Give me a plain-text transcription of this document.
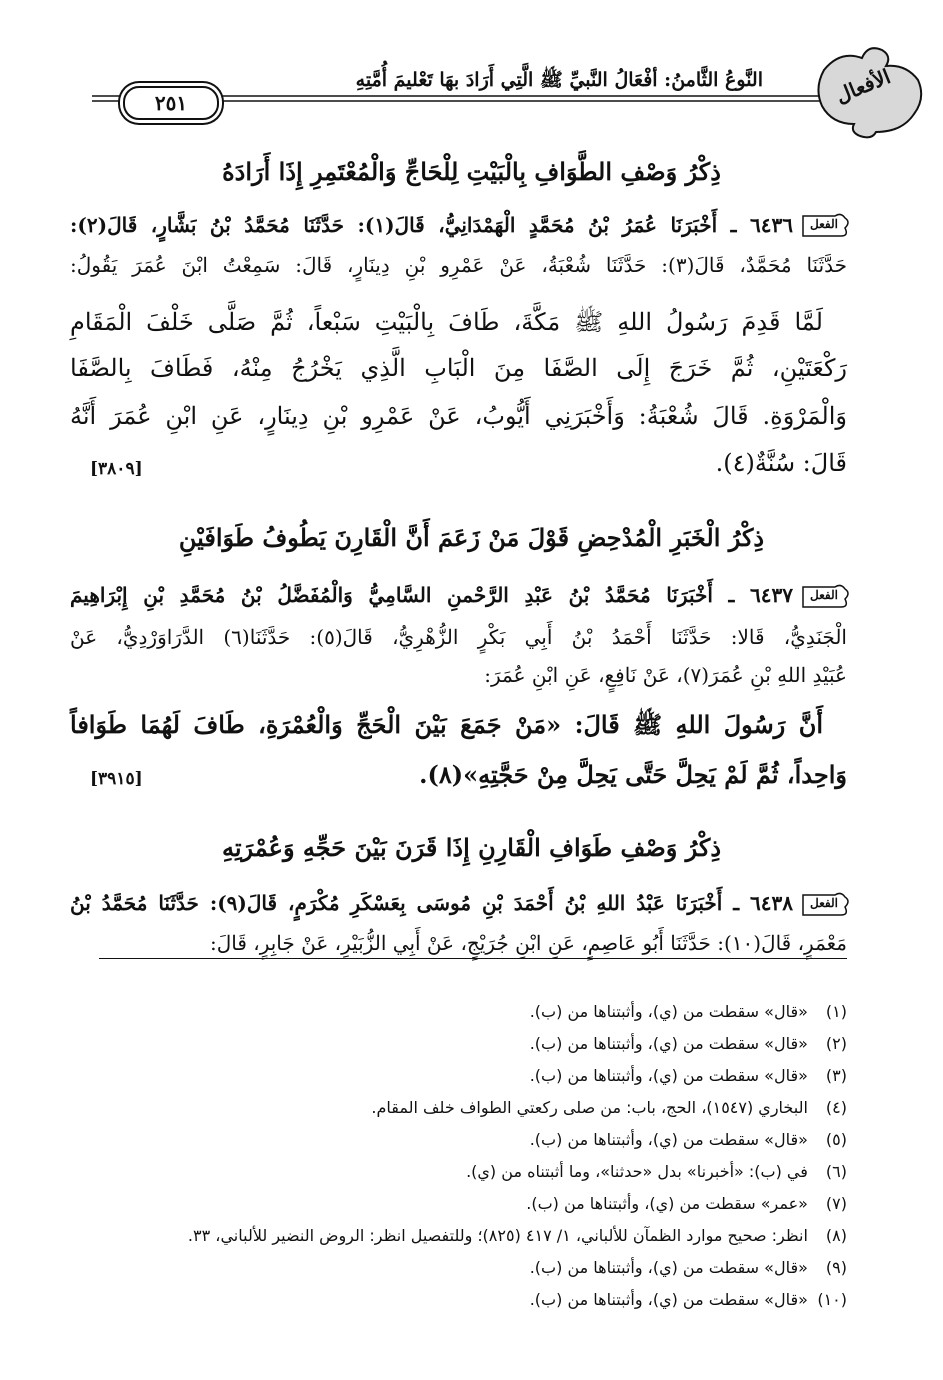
النَّوعُ الثَّامنُ: أفْعَالُ النَّبيِّ ﷺ الَّتِي أَرَادَ بهَا تَعْليمَ أُمَّتِهِ
٢٥١	الأفعال
ذِكْرُ وَصْفِ الطَّوَافِ بِالْبَيْتِ لِلْحَاجِّ وَالْمُعْتَمِرِ إِذَا أَرَادَهُ
الفعل
٦٤٣٦ ـ أَخْبَرَنَا عُمَرُ بْنُ مُحَمَّدٍ الْهَمْدَانِيُّ، قَالَ(١): حَدَّثَنَا مُحَمَّدُ بْنُ بَشَّارٍ، قَالَ(٢):
حَدَّثَنَا مُحَمَّدٌ، قَالَ(٣): حَدَّثَنَا شُعْبَةُ، عَنْ عَمْرِو بْنِ دِينَارٍ، قَالَ: سَمِعْتُ ابْنَ عُمَرَ يَقُولُ:
لَمَّا قَدِمَ رَسُولُ اللهِ ﷺ مَكَّةَ، طَافَ بِالْبَيْتِ سَبْعاً، ثُمَّ صَلَّى خَلْفَ الْمَقَامِ
رَكْعَتَيْنِ، ثُمَّ خَرَجَ إِلَى الصَّفَا مِنَ الْبَابِ الَّذِي يَخْرُجُ مِنْهُ، فَطَافَ بِالصَّفَا
وَالْمَرْوَةِ. قَالَ شُعْبَةُ: وَأَخْبَرَنِي أَيُّوبُ، عَنْ عَمْرِو بْنِ دِينَارٍ، عَنِ ابْنِ عُمَرَ أَنَّهُ
قَالَ: سُنَّةٌ(٤).
[٣٨٠٩]
ذِكْرُ الْخَبَرِ الْمُدْحِضِ قَوْلَ مَنْ زَعَمَ أَنَّ الْقَارِنَ يَطُوفُ طَوَافَيْنِ
الفعل
٦٤٣٧ ـ أَخْبَرَنَا مُحَمَّدُ بْنُ عَبْدِ الرَّحْمنِ السَّامِيُّ وَالْمُفَضَّلُ بْنُ مُحَمَّدِ بْنِ إِبْرَاهِيمَ
الْجَنَدِيُّ، قَالا: حَدَّثَنَا أَحْمَدُ بْنُ أَبِي بَكْرٍ الزُّهْرِيُّ، قَالَ(٥): حَدَّثَنَا(٦) الدَّرَاوَرْدِيُّ، عَنْ
عُبَيْدِ اللهِ بْنِ عُمَرَ(٧)، عَنْ نَافِعٍ، عَنِ ابْنِ عُمَرَ:
أَنَّ رَسُولَ اللهِ ﷺ قَالَ: «مَنْ جَمَعَ بَيْنَ الْحَجِّ وَالْعُمْرَةِ، طَافَ لَهُمَا طَوَافاً
وَاحِداً، ثُمَّ لَمْ يَحِلَّ حَتَّى يَحِلَّ مِنْ حَجَّتِهِ»(٨).
[٣٩١٥]
ذِكْرُ وَصْفِ طَوَافِ الْقَارِنِ إِذَا قَرَنَ بَيْنَ حَجِّهِ وَعُمْرَتِهِ
الفعل
٦٤٣٨ ـ أَخْبَرَنَا عَبْدُ اللهِ بْنُ أَحْمَدَ بْنِ مُوسَى بِعَسْكَرِ مُكْرَمٍ، قَالَ(٩): حَدَّثَنَا مُحَمَّدُ بْنُ
مَعْمَرٍ، قَالَ(١٠): حَدَّثَنَا أَبُو عَاصِمٍ، عَنِ ابْنِ جُرَيْجٍ، عَنْ أَبِي الزُّبَيْرِ، عَنْ جَابِرٍ، قَالَ:
(١) «قال» سقطت من (ي)، وأثبتناها من (ب).
(٢) «قال» سقطت من (ي)، وأثبتناها من (ب).
(٣) «قال» سقطت من (ي)، وأثبتناها من (ب).
(٤) البخاري (١٥٤٧)، الحج، باب: من صلى ركعتي الطواف خلف المقام.
(٥) «قال» سقطت من (ي)، وأثبتناها من (ب).
(٦) في (ب): «أخبرنا» بدل «حدثنا»، وما أثبتناه من (ي).
(٧) «عمر» سقطت من (ي)، وأثبتناها من (ب).
(٨) انظر: صحيح موارد الظمآن للألباني، ١/ ٤١٧ (٨٢٥)؛ وللتفصيل انظر: الروض النضير للألباني، ٣٣.
(٩) «قال» سقطت من (ي)، وأثبتناها من (ب).
(١٠) «قال» سقطت من (ي)، وأثبتناها من (ب).
